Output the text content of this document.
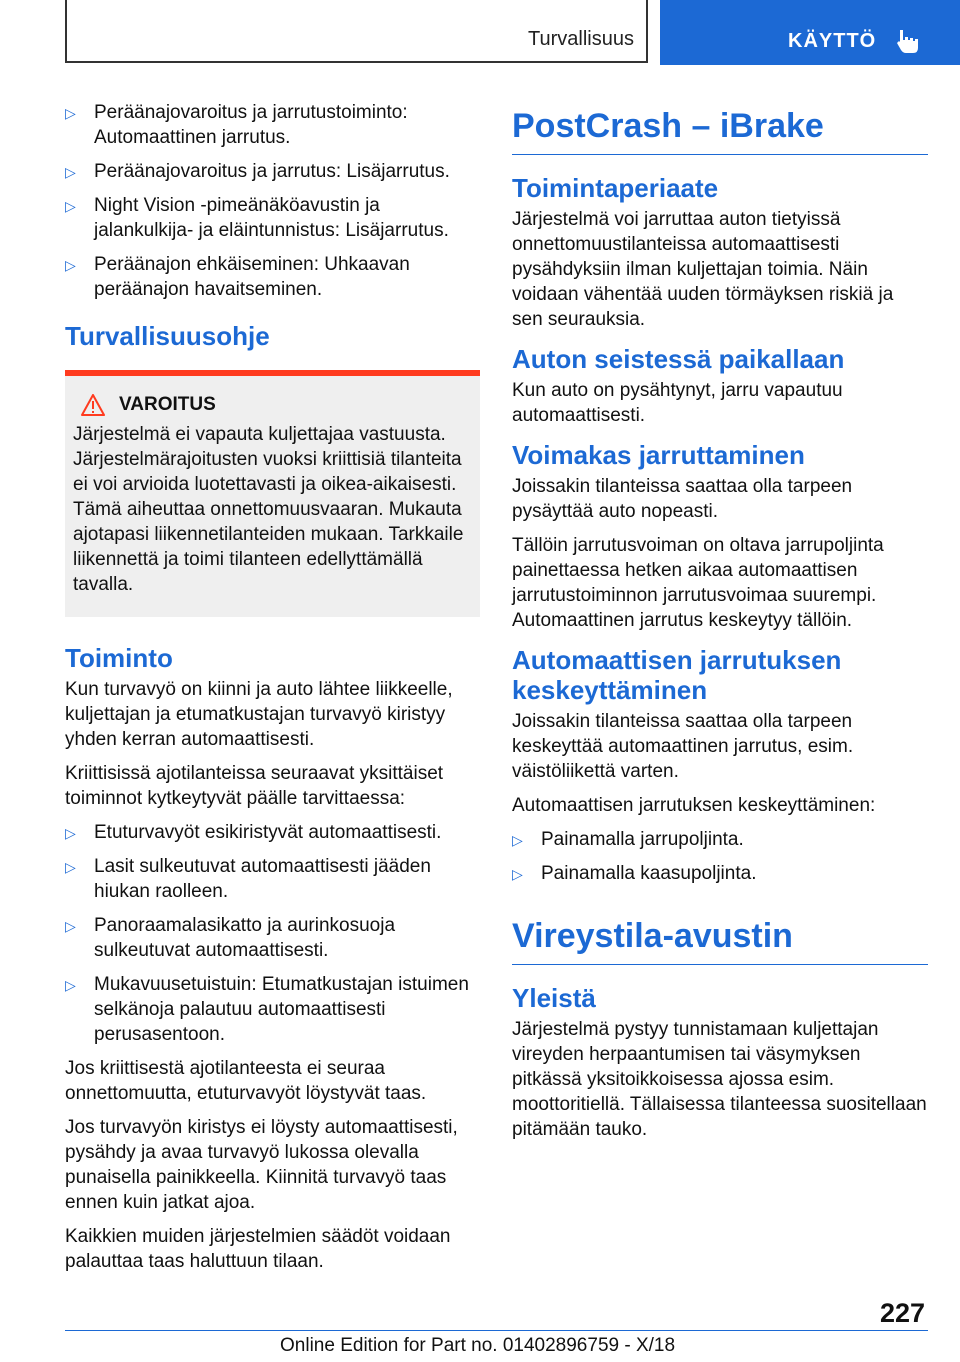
Turvallisuus	KÄYTTÖ
▷ Peräänajovaroitus ja jarrutustoiminto: Automaattinen jarrutus.
▷ Peräänajovaroitus ja jarrutus: Lisäjarrutus.
▷ Night Vision -pimeänäköavustin ja jalankulkija- ja eläintunnistus: Lisäjarrutus.
▷ Peräänajon ehkäiseminen: Uhkaavan peräänajon havaitseminen.
Turvallisuusohje
VAROITUS

Järjestelmä ei vapauta kuljettajaa vastuusta. Järjestelmärajoitusten vuoksi kriittisiä tilanteita ei voi arvioida luotettavasti ja oikea-aikaisesti. Tämä aiheuttaa onnettomuusvaaran. Mukauta ajotapasi liikennetilanteiden mukaan. Tarkkaile liikennettä ja toimi tilanteen edellyttämällä tavalla.

Toiminto

Kun turvavyö on kiinni ja auto lähtee liikkeelle, kuljettajan ja etumatkustajan turvavyö kiristyy yhden kerran automaattisesti.

Kriittisissä ajotilanteissa seuraavat yksittäiset toiminnot kytkeytyvät päälle tarvittaessa:

▷ Etuturvavyöt esikiristyvät automaattisesti.
▷ Lasit sulkeutuvat automaattisesti jääden hiukan raolleen.
▷ Panoraamalasikatto ja aurinkosuoja sulkeutuvat automaattisesti.
▷ Mukavuusetuistuin: Etumatkustajan istuimen selkänoja palautuu automaattisesti perusasentoon.

Jos kriittisestä ajotilanteesta ei seuraa onnettomuutta, etuturvavyöt löystyvät taas.

Jos turvavyön kiristys ei löysty automaattisesti, pysähdy ja avaa turvavyö lukossa olevalla punaisella painikkeella. Kiinnitä turvavyö taas ennen kuin jatkat ajoa.

Kaikkien muiden järjestelmien säädöt voidaan palauttaa taas haluttuun tilaan.

PostCrash – iBrake
Toimintaperiaate

Järjestelmä voi jarruttaa auton tietyissä onnettomuustilanteissa automaattisesti pysähdyksiin ilman kuljettajan toimia. Näin voidaan vähentää uuden törmäyksen riskiä ja sen seurauksia.

Auton seistessä paikallaan

Kun auto on pysähtynyt, jarru vapautuu automaattisesti.

Voimakas jarruttaminen

Joissakin tilanteissa saattaa olla tarpeen pysäyttää auto nopeasti.

Tällöin jarrutusvoiman on oltava jarrupoljinta painettaessa hetken aikaa automaattisen jarrutustoiminnon jarrutusvoimaa suurempi. Automaattinen jarrutus keskeytyy tällöin.

Automaattisen jarrutuksen keskeyttäminen

Joissakin tilanteissa saattaa olla tarpeen keskeyttää automaattinen jarrutus, esim. väistöliikettä varten.

Automaattisen jarrutuksen keskeyttäminen:

▷ Painamalla jarrupoljinta.
▷ Painamalla kaasupoljinta.
Vireystila-avustin
Yleistä

Järjestelmä pystyy tunnistamaan kuljettajan vireyden herpaantumisen tai väsymyksen pitkässä yksitoikkoisessa ajossa esim. moottoritiellä. Tällaisessa tilanteessa suositellaan pitämään tauko.

227
Online Edition for Part no. 01402896759 - X/18
